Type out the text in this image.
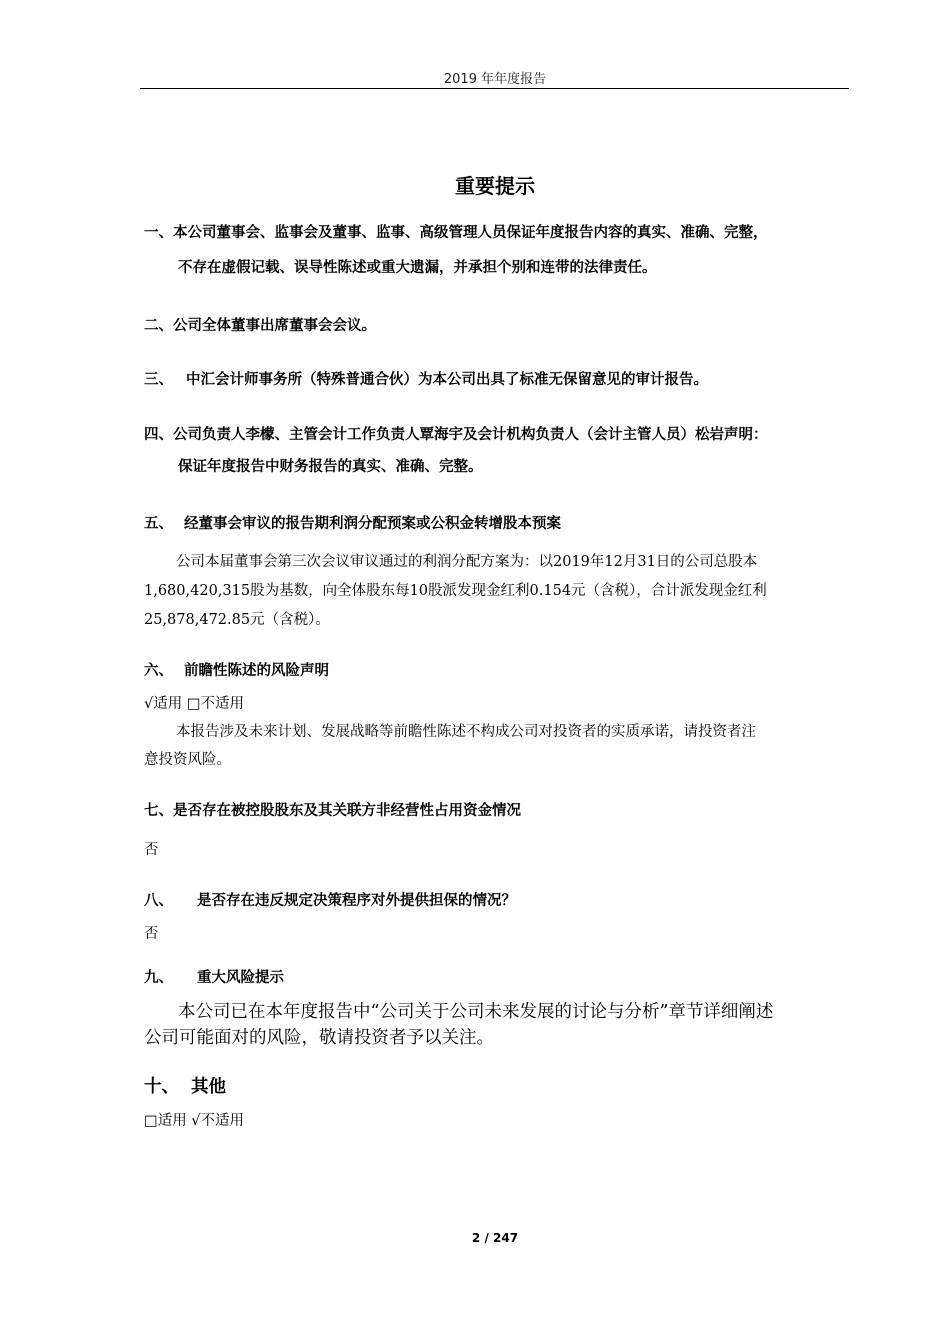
2019 年年度报告
重要提示
一、本公司董事会、监事会及董事、监事、高级管理人员保证年度报告内容的真实、准确、完整，
不存在虚假记载、误导性陈述或重大遗漏，并承担个别和连带的法律责任。
二、公司全体董事出席董事会会议。
三、 中汇会计师事务所（特殊普通合伙）为本公司出具了标准无保留意见的审计报告。
四、公司负责人李檬、主管会计工作负责人覃海宇及会计机构负责人（会计主管人员）松岩声明：
保证年度报告中财务报告的真实、准确、完整。
五、 经董事会审议的报告期利润分配预案或公积金转增股本预案
公司本届董事会第三次会议审议通过的利润分配方案为：以2019年12月31日的公司总股本
1,680,420,315股为基数，向全体股东每10股派发现金红利0.154元（含税），合计派发现金红利
25,878,472.85元（含税）。
六、 前瞻性陈述的风险声明
√适用 □不适用
本报告涉及未来计划、发展战略等前瞻性陈述不构成公司对投资者的实质承诺，请投资者注
意投资风险。
七、是否存在被控股股东及其关联方非经营性占用资金情况
否
八、 是否存在违反规定决策程序对外提供担保的情况？
否
九、 重大风险提示
本公司已在本年度报告中“公司关于公司未来发展的讨论与分析”章节详细阐述
公司可能面对的风险，敬请投资者予以关注。
十、 其他
□适用 √不适用
2 / 247
